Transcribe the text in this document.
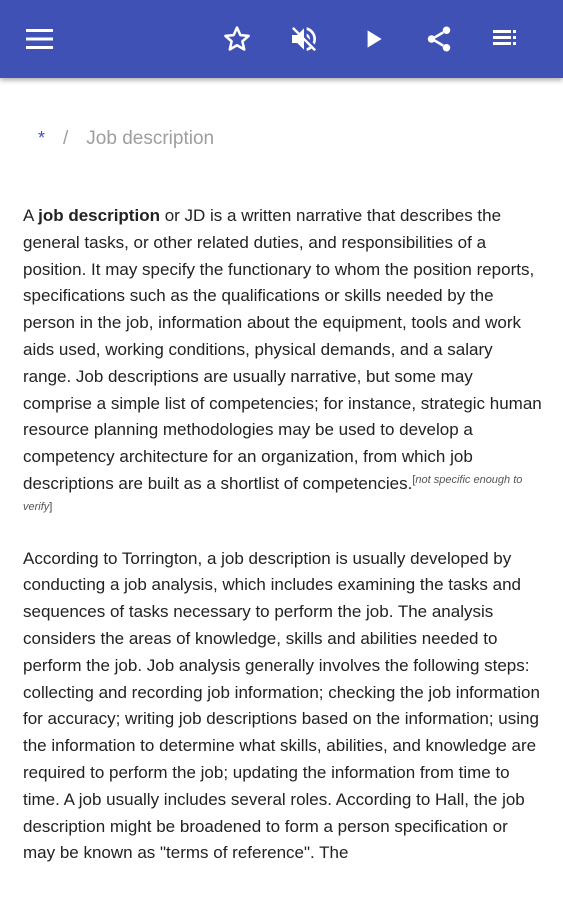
* / Job description

A job description or JD is a written narrative that describes the general tasks, or other related duties, and responsibilities of a position. It may specify the functionary to whom the position reports, specifications such as the qualifications or skills needed by the person in the job, information about the equipment, tools and work aids used, working conditions, physical demands, and a salary range. Job descriptions are usually narrative, but some may comprise a simple list of competencies; for instance, strategic human resource planning methodologies may be used to develop a competency architecture for an organization, from which job descriptions are built as a shortlist of competencies.[not specific enough to verify]

According to Torrington, a job description is usually developed by conducting a job analysis, which includes examining the tasks and sequences of tasks necessary to perform the job. The analysis considers the areas of knowledge, skills and abilities needed to perform the job. Job analysis generally involves the following steps: collecting and recording job information; checking the job information for accuracy; writing job descriptions based on the information; using the information to determine what skills, abilities, and knowledge are required to perform the job; updating the information from time to time. A job usually includes several roles. According to Hall, the job description might be broadened to form a person specification or may be known as "terms of reference". The
